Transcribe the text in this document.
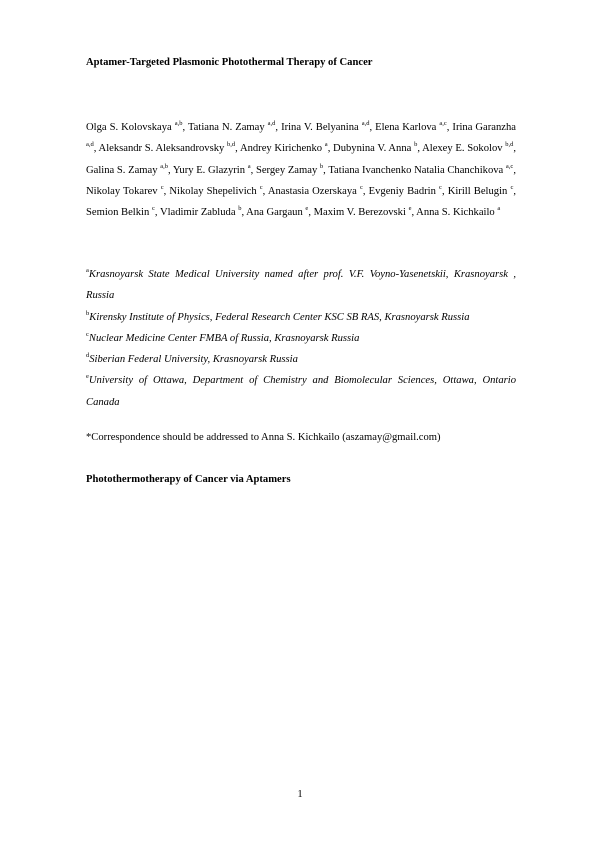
Aptamer-Targeted Plasmonic Photothermal Therapy of Cancer
Olga S. Kolovskaya $^{a,b}$, Tatiana N. Zamay $^{a,d}$, Irina V. Belyanina $^{a,d}$, Elena Karlova $^{a,c}$, Irina Garanzha $^{a,d}$, Aleksandr S. Aleksandrovsky $^{b,d}$, Andrey Kirichenko $^a$, Dubynina V. Anna $^b$, Alexey E. Sokolov $^{b,d}$, Galina S. Zamay $^{a,b}$, Yury E. Glazyrin $^a$, Sergey Zamay $^b$, Tatiana Ivanchenko Natalia Chanchikova $^{a,c}$, Nikolay Tokarev $^c$, Nikolay Shepelivich $^c$, Anastasia Ozerskaya $^c$, Evgeniy Badrin $^c$, Kirill Belugin $^c$, Semion Belkin $^c$, Vladimir Zabluda $^b$, Ana Gargaun $^e$, Maxim V. Berezovski $^e$, Anna S. Kichkailo $^a$
$^a$Krasnoyarsk State Medical University named after prof. V.F. Voyno-Yasenetskii, Krasnoyarsk , Russia
$^b$Kirensky Institute of Physics, Federal Research Center KSC SB RAS, Krasnoyarsk Russia
$^c$Nuclear Medicine Center FMBA of Russia, Krasnoyarsk Russia
$^d$Siberian Federal University, Krasnoyarsk Russia
$^e$University of Ottawa, Department of Chemistry and Biomolecular Sciences, Ottawa, Ontario Canada
*Correspondence should be addressed to Anna S. Kichkailo (aszamay@gmail.com)
Photothermotherapy of Cancer via Aptamers
1
